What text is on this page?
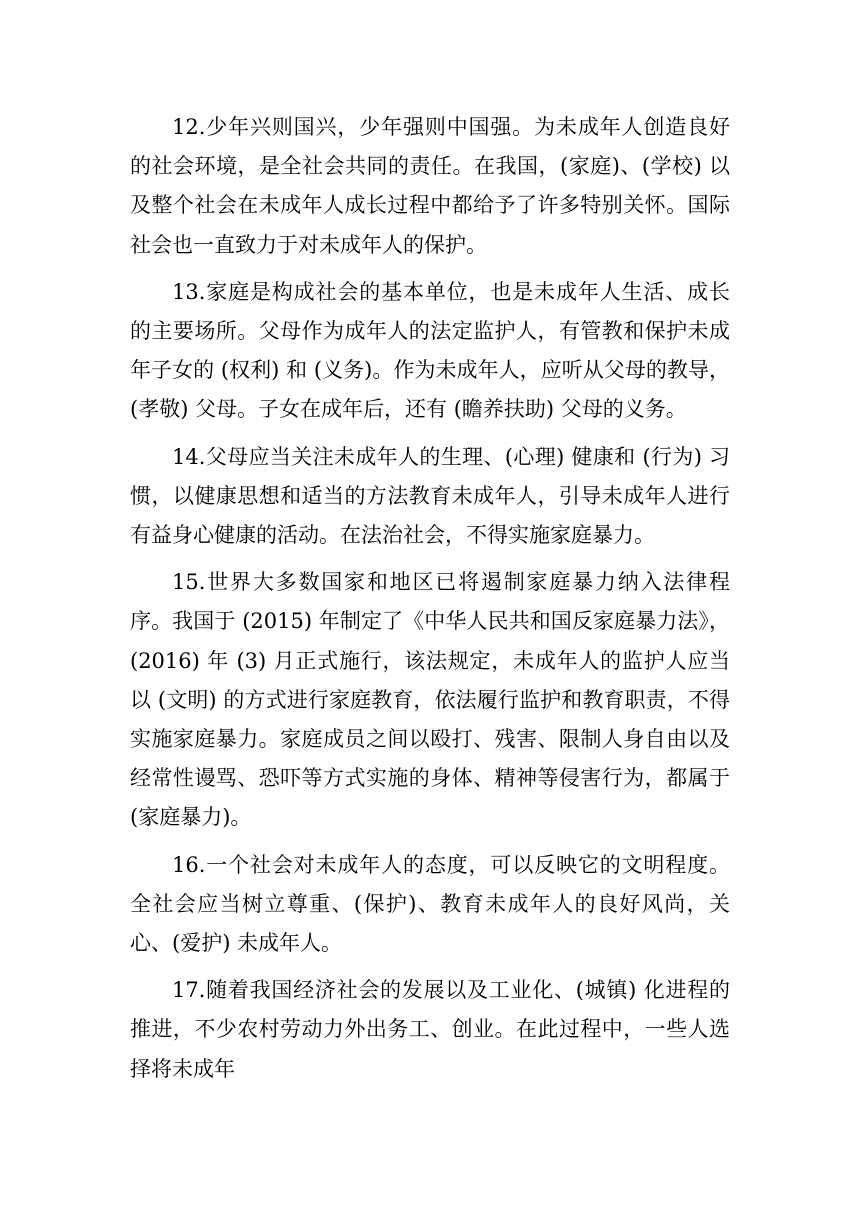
12.少年兴则国兴，少年强则中国强。为未成年人创造良好的社会环境，是全社会共同的责任。在我国，(家庭)、(学校) 以及整个社会在未成年人成长过程中都给予了许多特别关怀。国际社会也一直致力于对未成年人的保护。

13.家庭是构成社会的基本单位，也是未成年人生活、成长的主要场所。父母作为成年人的法定监护人，有管教和保护未成年子女的 (权利) 和 (义务)。作为未成年人，应听从父母的教导，(孝敬) 父母。子女在成年后，还有 (瞻养扶助) 父母的义务。

14.父母应当关注未成年人的生理、(心理) 健康和 (行为) 习惯，以健康思想和适当的方法教育未成年人，引导未成年人进行有益身心健康的活动。在法治社会，不得实施家庭暴力。

15.世界大多数国家和地区已将遏制家庭暴力纳入法律程序。我国于 (2015) 年制定了《中华人民共和国反家庭暴力法》，(2016) 年 (3) 月正式施行，该法规定，未成年人的监护人应当以 (文明) 的方式进行家庭教育，依法履行监护和教育职责，不得实施家庭暴力。家庭成员之间以殴打、残害、限制人身自由以及经常性谩骂、恐吓等方式实施的身体、精神等侵害行为，都属于 (家庭暴力)。

16.一个社会对未成年人的态度，可以反映它的文明程度。全社会应当树立尊重、(保护)、教育未成年人的良好风尚，关心、(爱护) 未成年人。

17.随着我国经济社会的发展以及工业化、(城镇) 化进程的推进，不少农村劳动力外出务工、创业。在此过程中，一些人选择将未成年
